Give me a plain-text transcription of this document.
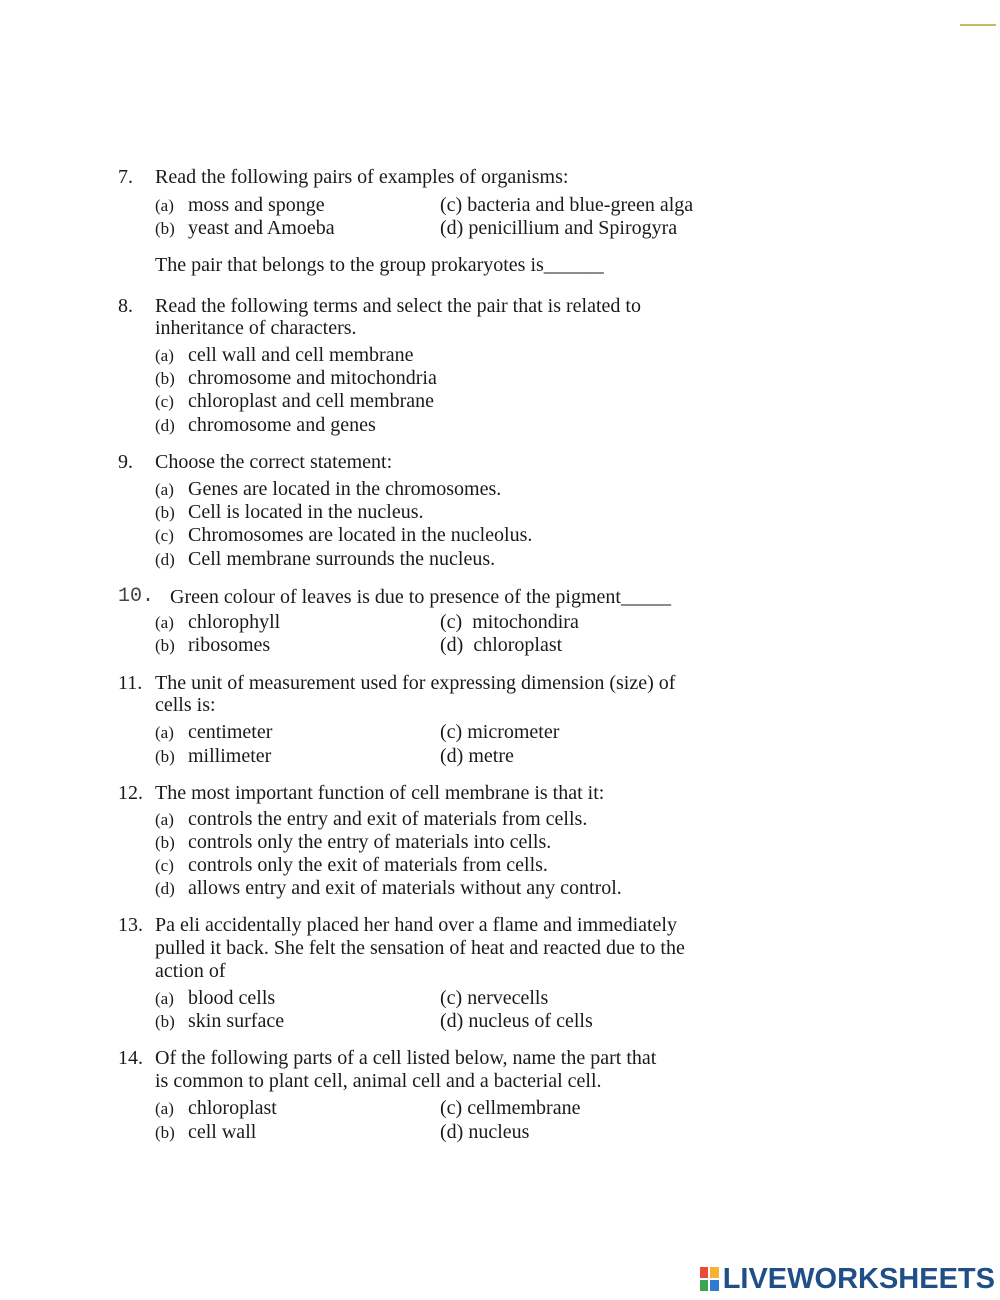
7. Read the following pairs of examples of organisms:
(a) moss and sponge
(b) yeast and Amoeba
(c) bacteria and blue-green alga
(d) penicillium and Spirogyra
The pair that belongs to the group prokaryotes is______
8. Read the following terms and select the pair that is related to
inheritance of characters.
(a) cell wall and cell membrane
(b) chromosome and mitochondria
(c) chloroplast and cell membrane
(d) chromosome and genes
9. Choose the correct statement:
(a) Genes are located in the chromosomes.
(b) Cell is located in the nucleus.
(c) Chromosomes are located in the nucleolus.
(d) Cell membrane surrounds the nucleus.
10. Green colour of leaves is due to presence of the pigment_____
(a) chlorophyll
(b) ribosomes
(c) mitochondira
(d) chloroplast
11. The unit of measurement used for expressing dimension (size) of
cells is:
(a) centimeter
(b) millimeter
(c) micrometer
(d) metre
12. The most important function of cell membrane is that it:
(a) controls the entry and exit of materials from cells.
(b) controls only the entry of materials into cells.
(c) controls only the exit of materials from cells.
(d) allows entry and exit of materials without any control.
13. Pa eli accidentally placed her hand over a flame and immediately
pulled it back. She felt the sensation of heat and reacted due to the
action of
(a) blood cells
(b) skin surface
(c) nervecells
(d) nucleus of cells
14. Of the following parts of a cell listed below, name the part that
is common to plant cell, animal cell and a bacterial cell.
(a) chloroplast
(b) cell wall
(c) cellmembrane
(d) nucleus
LIVEWORKSHEETS
